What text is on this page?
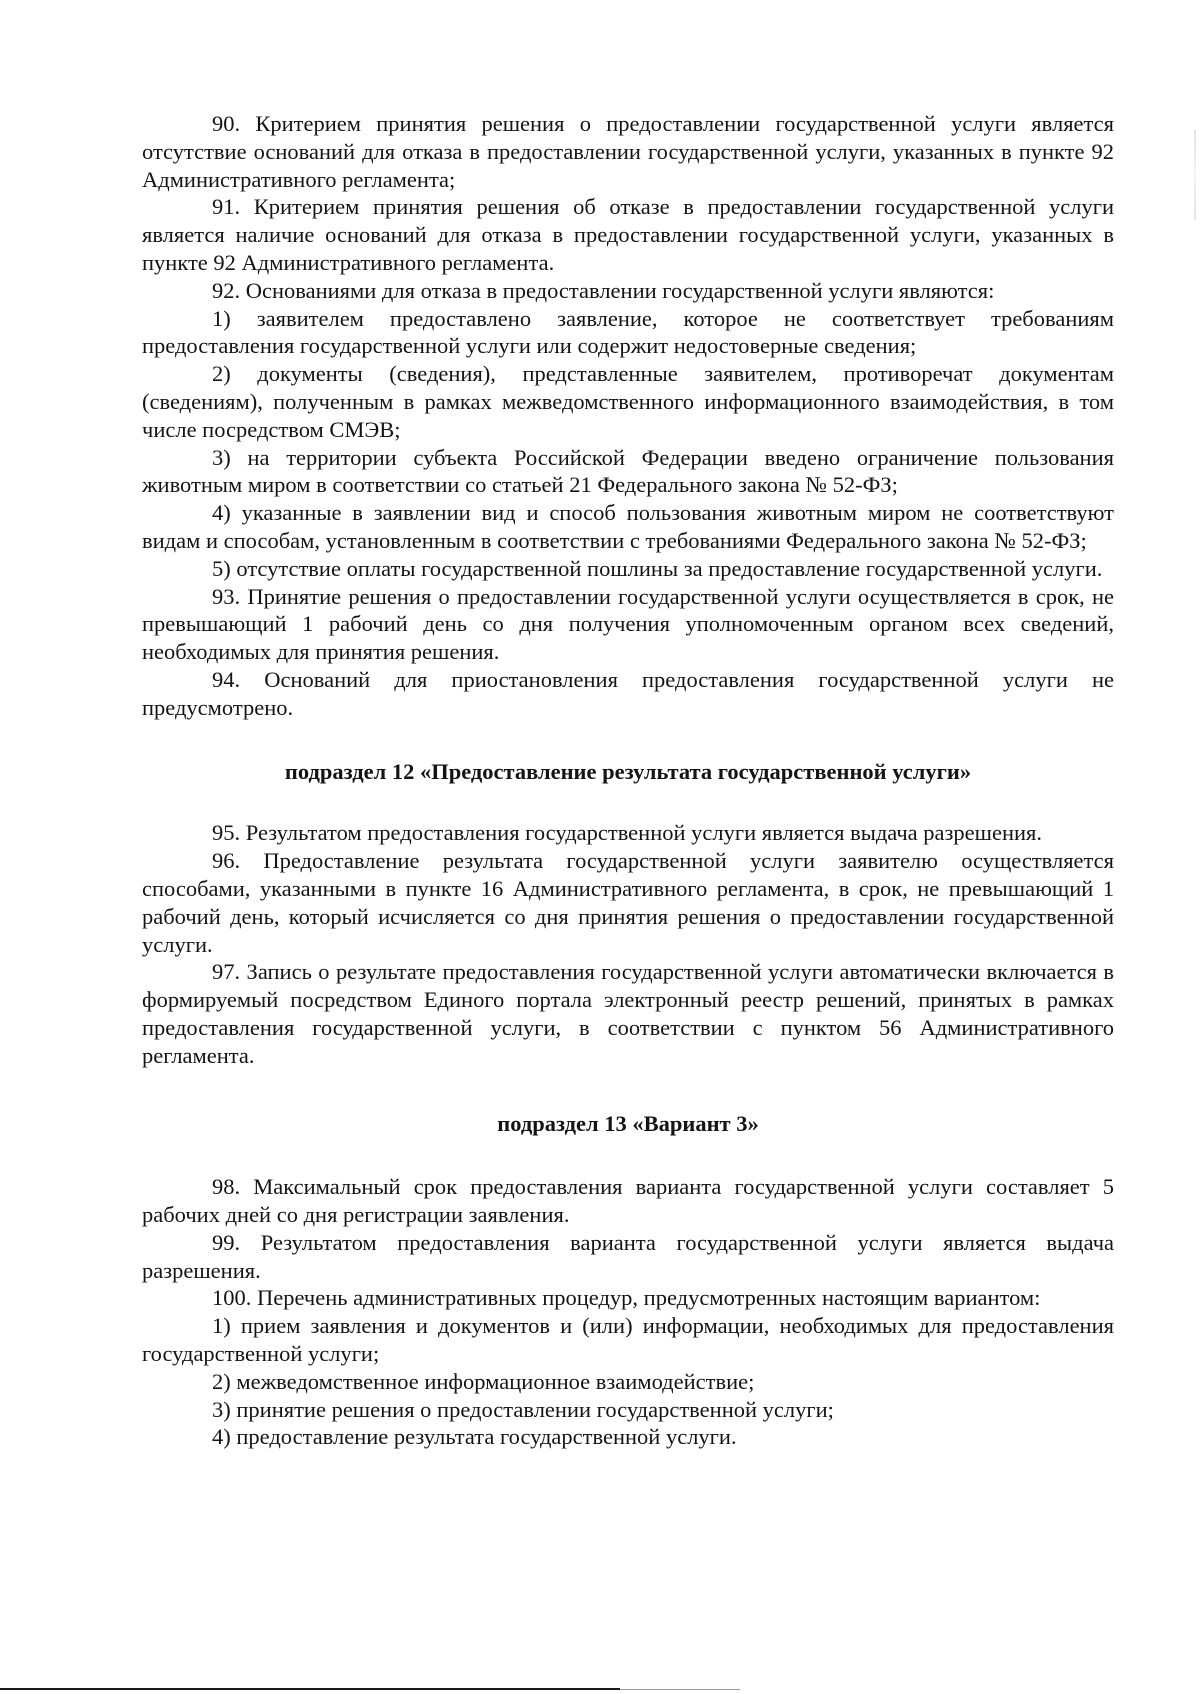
90. Критерием принятия решения о предоставлении государственной услуги является отсутствие оснований для отказа в предоставлении государственной услуги, указанных в пункте 92 Административного регламента;

91. Критерием принятия решения об отказе в предоставлении государственной услуги является наличие оснований для отказа в предоставлении государственной услуги, указанных в пункте 92 Административного регламента.

92. Основаниями для отказа в предоставлении государственной услуги являются:

1) заявителем предоставлено заявление, которое не соответствует требованиям предоставления государственной услуги или содержит недостоверные сведения;

2) документы (сведения), представленные заявителем, противоречат документам (сведениям), полученным в рамках межведомственного информационного взаимодействия, в том числе посредством СМЭВ;

3) на территории субъекта Российской Федерации введено ограничение пользования животным миром в соответствии со статьей 21 Федерального закона № 52-ФЗ;

4) указанные в заявлении вид и способ пользования животным миром не соответствуют видам и способам, установленным в соответствии с требованиями Федерального закона № 52-ФЗ;

5) отсутствие оплаты государственной пошлины за предоставление государственной услуги.

93. Принятие решения о предоставлении государственной услуги осуществляется в срок, не превышающий 1 рабочий день со дня получения уполномоченным органом всех сведений, необходимых для принятия решения.

94. Оснований для приостановления предоставления государственной услуги не предусмотрено.

подраздел 12 «Предоставление результата государственной услуги»

95. Результатом предоставления государственной услуги является выдача разрешения.

96. Предоставление результата государственной услуги заявителю осуществляется способами, указанными в пункте 16 Административного регламента, в срок, не превышающий 1 рабочий день, который исчисляется со дня принятия решения о предоставлении государственной услуги.

97. Запись о результате предоставления государственной услуги автоматически включается в формируемый посредством Единого портала электронный реестр решений, принятых в рамках предоставления государственной услуги, в соответствии с пунктом 56 Административного регламента.

подраздел 13 «Вариант 3»

98. Максимальный срок предоставления варианта государственной услуги составляет 5 рабочих дней со дня регистрации заявления.

99. Результатом предоставления варианта государственной услуги является выдача разрешения.

100. Перечень административных процедур, предусмотренных настоящим вариантом:

1) прием заявления и документов и (или) информации, необходимых для предоставления государственной услуги;

2) межведомственное информационное взаимодействие;

3) принятие решения о предоставлении государственной услуги;

4) предоставление результата государственной услуги.
